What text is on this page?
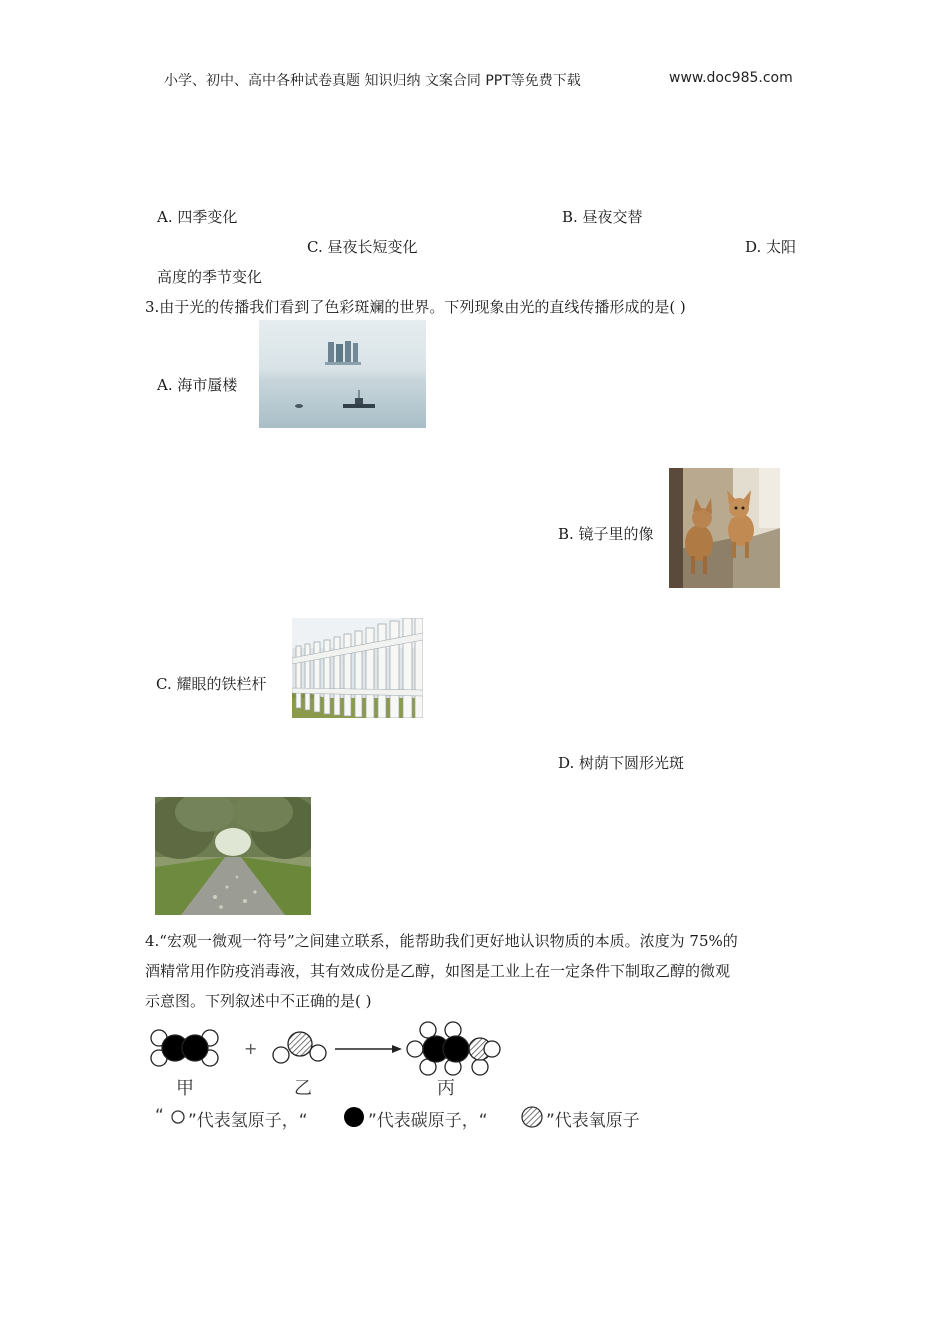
小学、初中、高中各种试卷真题 知识归纳 文案合同 PPT等免费下载	www.doc985.com
A. 四季变化	B. 昼夜交替
C. 昼夜长短变化	D. 太阳
高度的季节变化
3.由于光的传播我们看到了色彩斑斓的世界。下列现象由光的直线传播形成的是( )
A. 海市蜃楼
B. 镜子里的像
C. 耀眼的铁栏杆
D. 树荫下圆形光斑
4.“宏观一微观一符号”之间建立联系，能帮助我们更好地认识物质的本质。浓度为 75%的
酒精常用作防疫消毒液，其有效成份是乙醇，如图是工业上在一定条件下制取乙醇的微观
示意图。下列叙述中不正确的是( )
+
甲	乙	丙
“ ”代表氢原子，“	”代表碳原子，“	”代表氧原子
